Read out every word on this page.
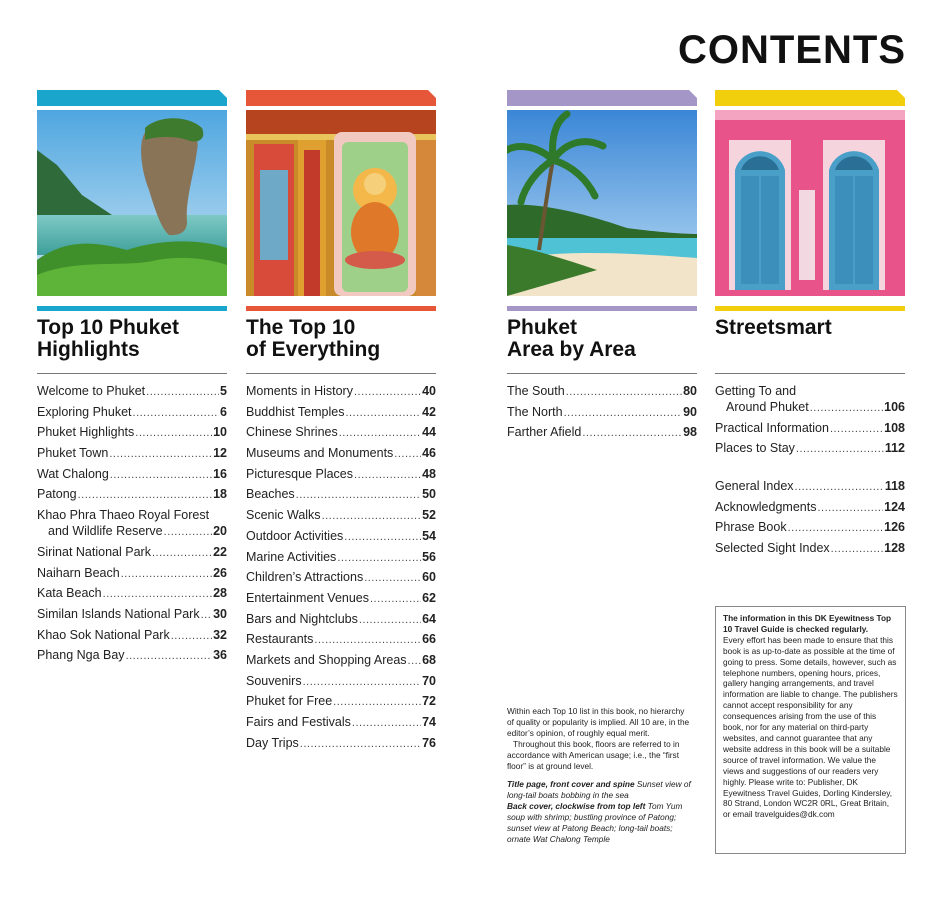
CONTENTS
Top 10 Phuket
Highlights
Welcome to Phuket .....	5
Exploring Phuket .....	6
Phuket Highlights .....	10
Phuket Town .....	12
Wat Chalong .....	16
Patong .....	18
Khao Phra Thaeo Royal Forest
and Wildlife Reserve .....	20
Sirinat National Park .....	22
Naiharn Beach .....	26
Kata Beach .....	28
Similan Islands National Park ..... 30
Khao Sok National Park .....	32
Phang Nga Bay .....	36
The Top 10
of Everything
Moments in History .....	40
Buddhist Temples .....	42
Chinese Shrines .....	44
Museums and Monuments ..... 46
Picturesque Places .....	48
Beaches .....	50
Scenic Walks .....	52
Outdoor Activities .....	54
Marine Activities .....	56
Children’s Attractions .....	60
Entertainment Venues .....	62
Bars and Nightclubs .....	64
Restaurants .....	66
Markets and Shopping Areas ..... 68
Souvenirs .....	70
Phuket for Free .....	72
Fairs and Festivals .....	74
Day Trips .....	76
Phuket
Area by Area
The South .....	80
The North .....	90
Farther Afield .....	98
Streetsmart
Getting To and
Around Phuket .....	106
Practical Information .....	108
Places to Stay .....	112
General Index .....	118
Acknowledgments .....	124
Phrase Book .....	126
Selected Sight Index .....	128

Within each Top 10 list in this book, no hierarchy of quality or popularity is implied. All 10 are, in the editor’s opinion, of roughly equal merit.

Throughout this book, floors are referred to in accordance with American usage; i.e., the “first floor” is at ground level.

Title page, front cover and spine Sunset view of long-tail boats bobbing in the sea

Back cover, clockwise from top left Tom Yum soup with shrimp; bustling province of Patong; sunset view at Patong Beach; long-tail boats; ornate Wat Chalong Temple

The information in this DK Eyewitness Top 10 Travel Guide is checked regularly.
Every effort has been made to ensure that this book is as up-to-date as possible at the time of going to press. Some details, however, such as telephone numbers, opening hours, prices, gallery hanging arrangements, and travel information are liable to change. The publishers cannot accept responsibility for any consequences arising from the use of this book, nor for any material on third-party websites, and cannot guarantee that any website address in this book will be a suitable source of travel information. We value the views and suggestions of our readers very highly. Please write to: Publisher, DK Eyewitness Travel Guides, Dorling Kindersley, 80 Strand, London WC2R 0RL, Great Britain, or email travelguides@dk.com
